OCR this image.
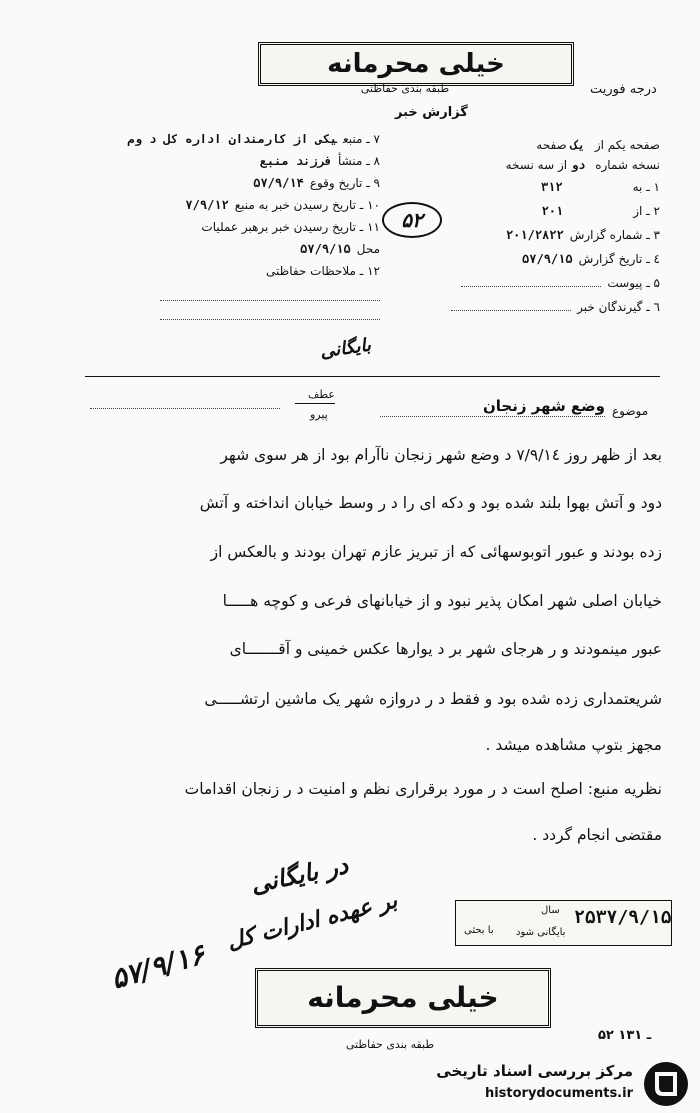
خیلی محرمانه
طبقه بندی حفاظتی	درجه فوریت
گزارش خبر
۷ ـ منبعیکی از کارمندان اداره کل د وم
۸ ـ منشأفرزند منبع
۹ ـ تاریخ وقوع۵۷/۹/۱۴
۱۰ ـ تاریخ رسیدن خبر به منبع۷/۹/۱۲
۱۱ ـ تاریخ رسیدن خبر برهبر عملیات
محل۵۷/۹/۱۵
۱۲ ـ ملاحظات حفاظتی

صفحه یکم از یک صفحه
نسخه شماره دو از سه نسخه
۱ ـ به۳۱۲
۲ ـ از۲۰۱
۳ ـ شماره گزارش۲۰۱/۲۸۲۲
٤ ـ تاریخ گزارش۵۷/۹/۱۵
۵ ـ پیوست
٦ ـ گیرندگان خبر
۵۲
بایگانی
موضوع
وضع شهر زنجان
عطف
پیرو
بعد از ظهر روز ۷/۹/۱٤ د وضع شهر زنجان ناآرام بود از هر سوی شهر
دود و آتش بهوا بلند شده بود و دکه ای را د ر وسط خیابان انداخته و آتش
زده بودند و عبور اتوبوسهائی که از تبریز عازم تهران بودند و بالعکس از
خیابان اصلی شهر امکان پذیر نبود و از خیابانهای فرعی و کوچه هـــــا
عبور مینمودند و ر هرجای شهر بر د یوارها عکس خمینی و آقـــــــای
شریعتمداری زده شده بود و فقط د ر دروازه شهر یک ماشین ارتشـــــی
مجهز بتوپ مشاهده میشد .
نظریه منبع: اصلح است د ر مورد برقراری نظم و امنیت د ر زنجان اقدامات
مقتضی انجام گردد .
در بایگانی
بر عهده ادارات کل
۵۷/۹/۱۶
سال
با بحثی بایگانی شود
۲۵۳۷/۹/۱۵
خیلی محرمانه
طبقه بندی حفاظتی
۵۲ ـ ۱۳۱
مرکز بررسی اسناد تاریخی
historydocuments.ir
